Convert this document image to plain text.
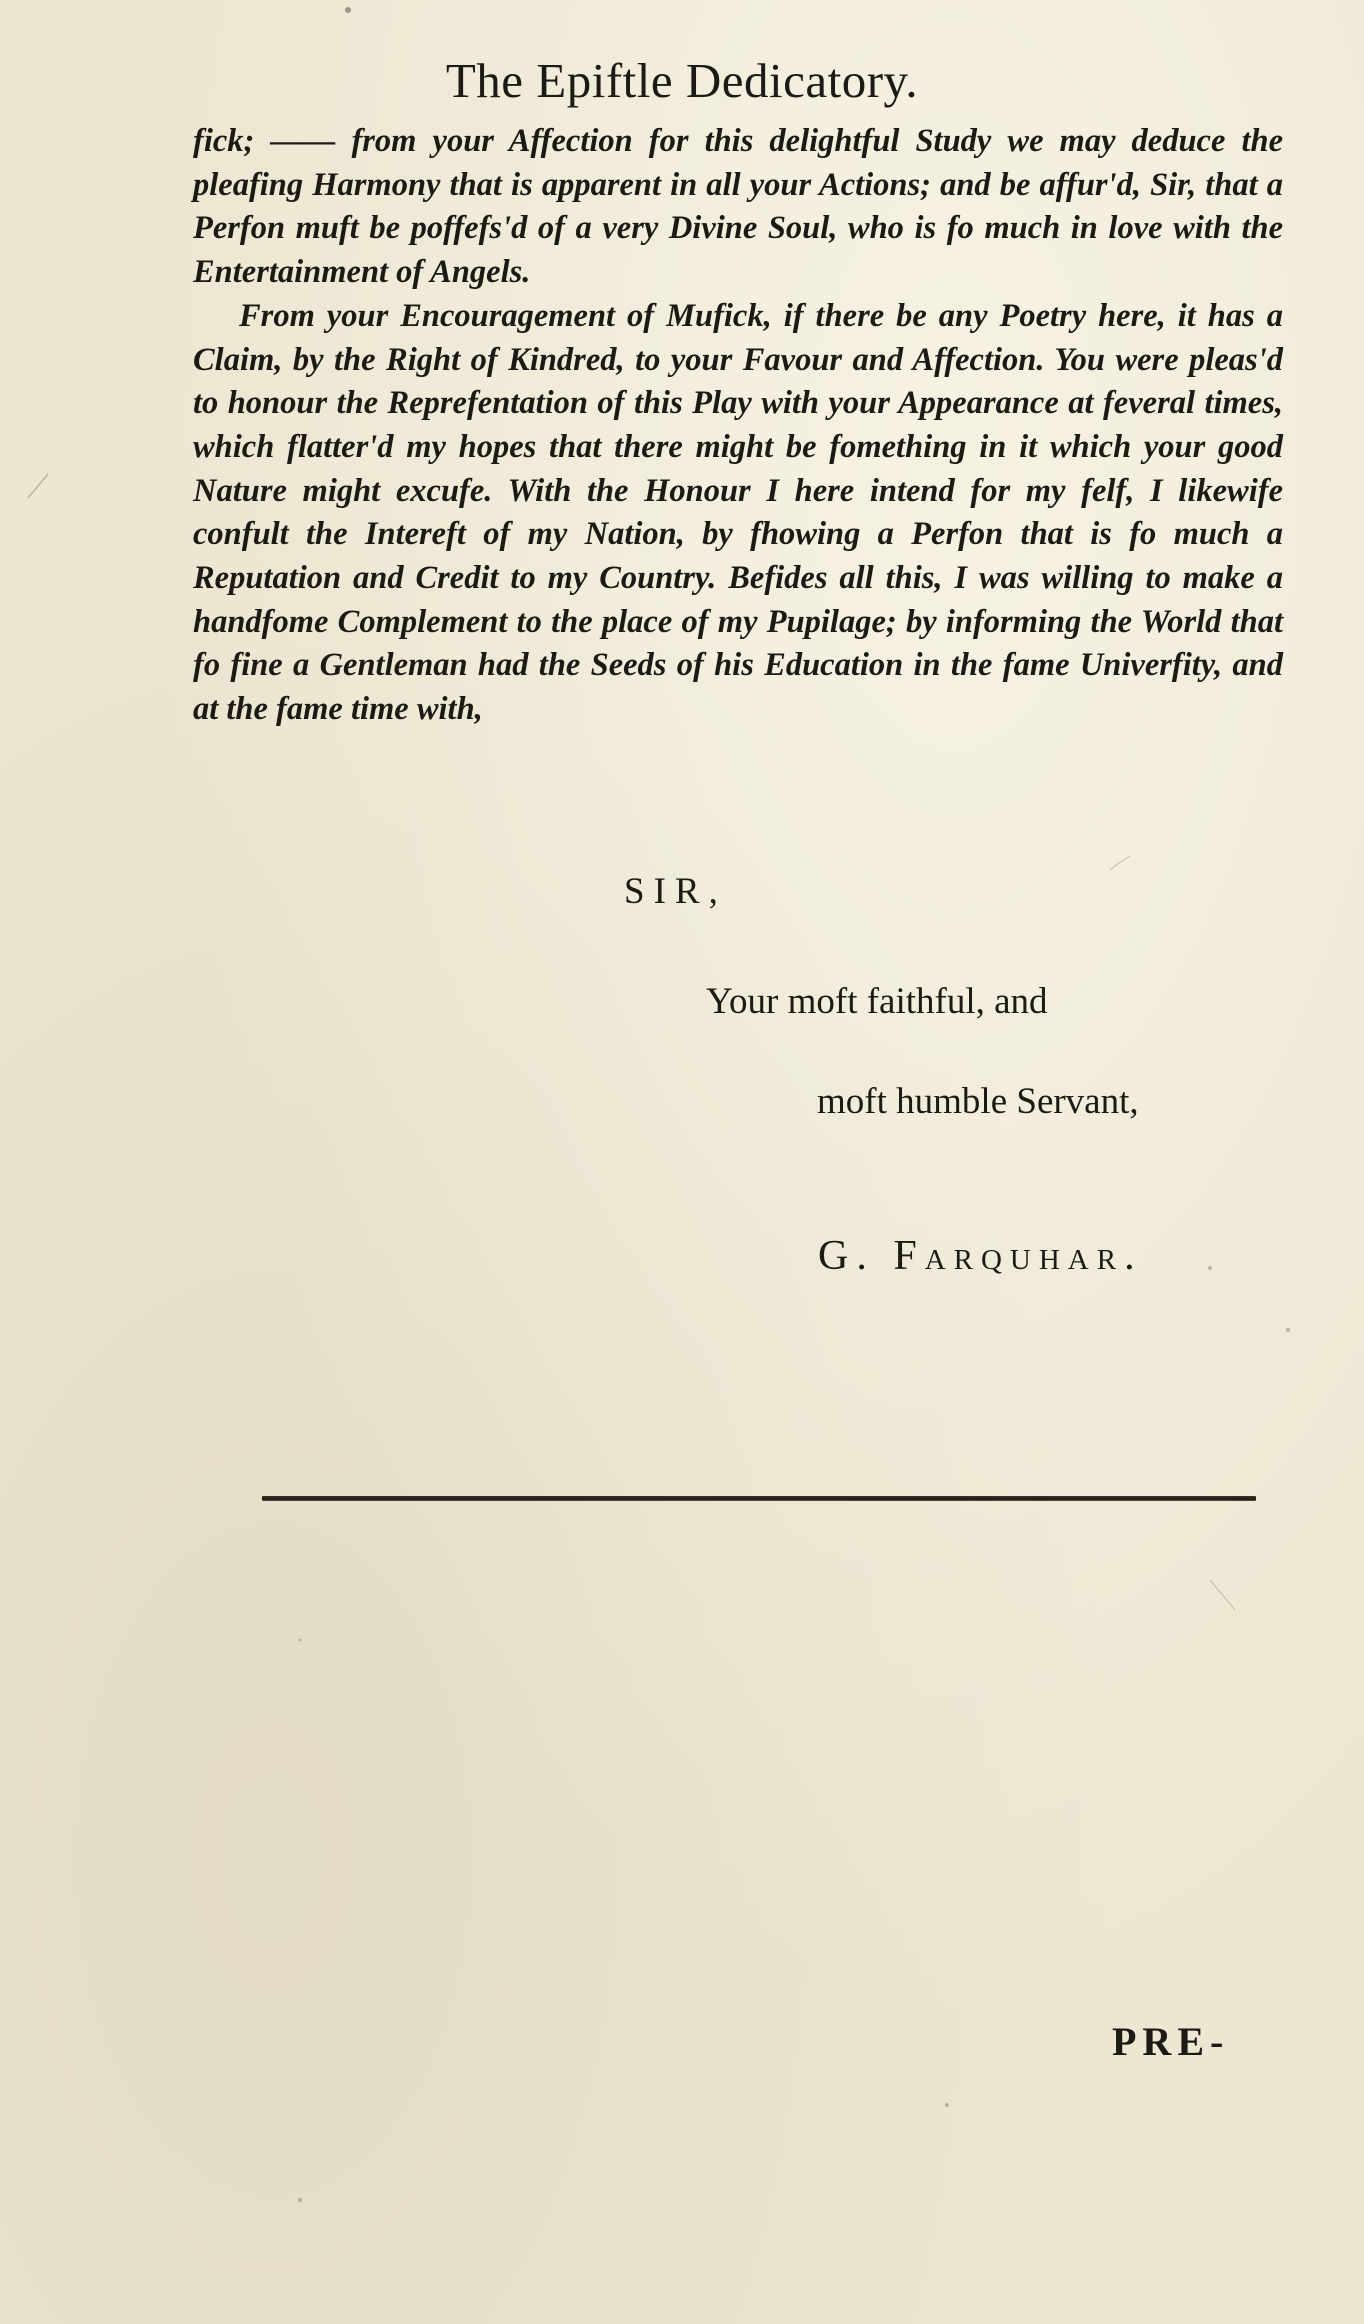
The Epiftle Dedicatory.

fick; —— from your Affection for this delightful Study we may deduce the pleafing Harmony that is apparent in all your Actions; and be affur'd, Sir, that a Perfon muft be poffefs'd of a very Divine Soul, who is fo much in love with the Entertainment of Angels.

From your Encouragement of Mufick, if there be any Poetry here, it has a Claim, by the Right of Kindred, to your Favour and Affection. You were pleas'd to honour the Reprefentation of this Play with your Appearance at feveral times, which flatter'd my hopes that there might be fomething in it which your good Nature might excufe. With the Honour I here intend for my felf, I likewife confult the Intereft of my Nation, by fhowing a Perfon that is fo much a Reputation and Credit to my Country. Befides all this, I was willing to make a handfome Complement to the place of my Pupilage; by informing the World that fo fine a Gentleman had the Seeds of his Education in the fame Univerfity, and at the fame time with,

SIR,

Your moft faithful, and

moft humble Servant,

G. Farquhar.

PRE-
